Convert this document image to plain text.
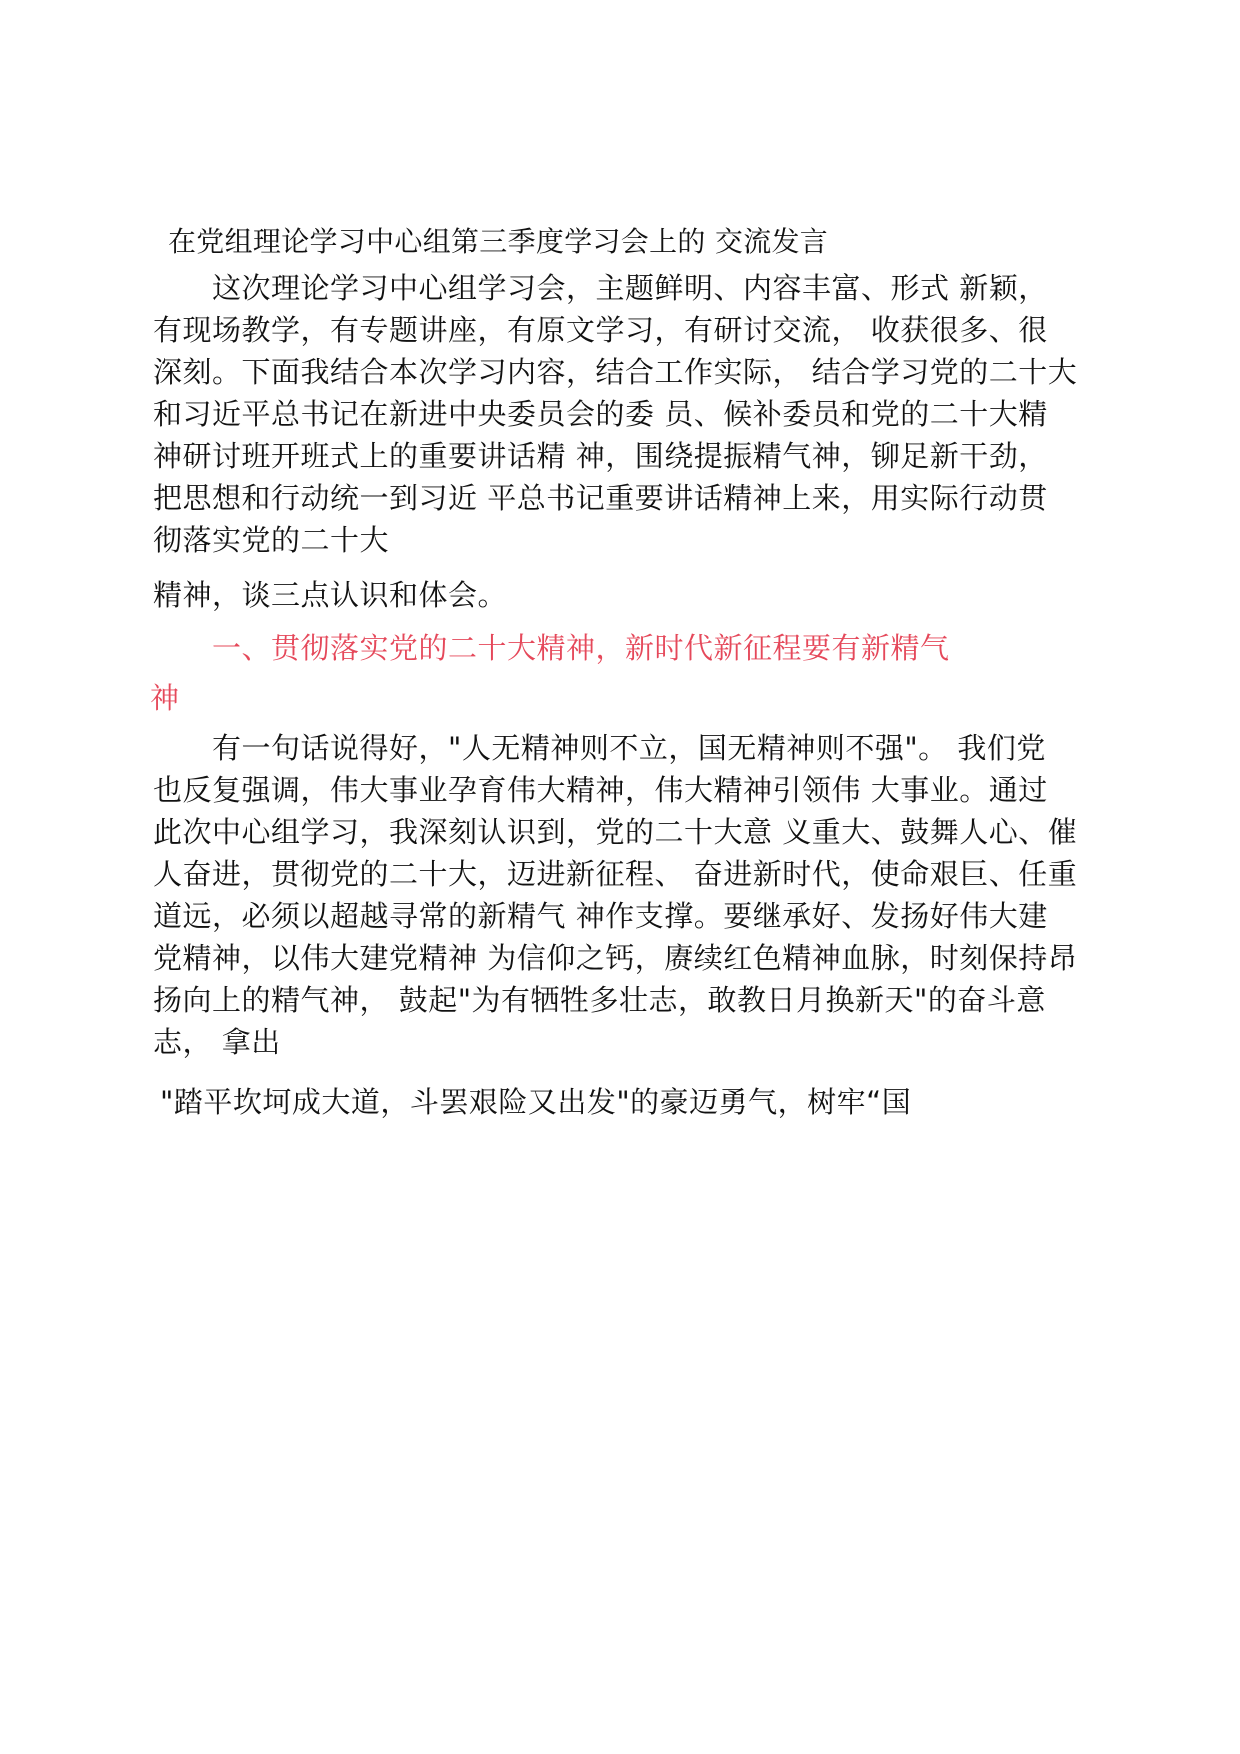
在党组理论学习中心组第三季度学习会上的 交流发言
这次理论学习中心组学习会，主题鲜明、内容丰富、形式 新颖，
有现场教学，有专题讲座，有原文学习，有研讨交流， 收获很多、很
深刻。下面我结合本次学习内容，结合工作实际， 结合学习党的二十大
和习近平总书记在新进中央委员会的委 员、候补委员和党的二十大精
神研讨班开班式上的重要讲话精 神，围绕提振精气神，铆足新干劲，
把思想和行动统一到习近 平总书记重要讲话精神上来，用实际行动贯
彻落实党的二十大
精神，谈三点认识和体会。
一、贯彻落实党的二十大精神，新时代新征程要有新精气
神
有一句话说得好，"人无精神则不立，国无精神则不强"。 我们党
也反复强调，伟大事业孕育伟大精神，伟大精神引领伟 大事业。通过
此次中心组学习，我深刻认识到，党的二十大意 义重大、鼓舞人心、催
人奋进，贯彻党的二十大，迈进新征程、 奋进新时代，使命艰巨、任重
道远，必须以超越寻常的新精气 神作支撑。要继承好、发扬好伟大建
党精神，以伟大建党精神 为信仰之钙，赓续红色精神血脉，时刻保持昂
扬向上的精气神， 鼓起"为有牺牲多壮志，敢教日月换新天"的奋斗意
志， 拿出
"踏平坎坷成大道，斗罢艰险又出发"的豪迈勇气，树牢“国
